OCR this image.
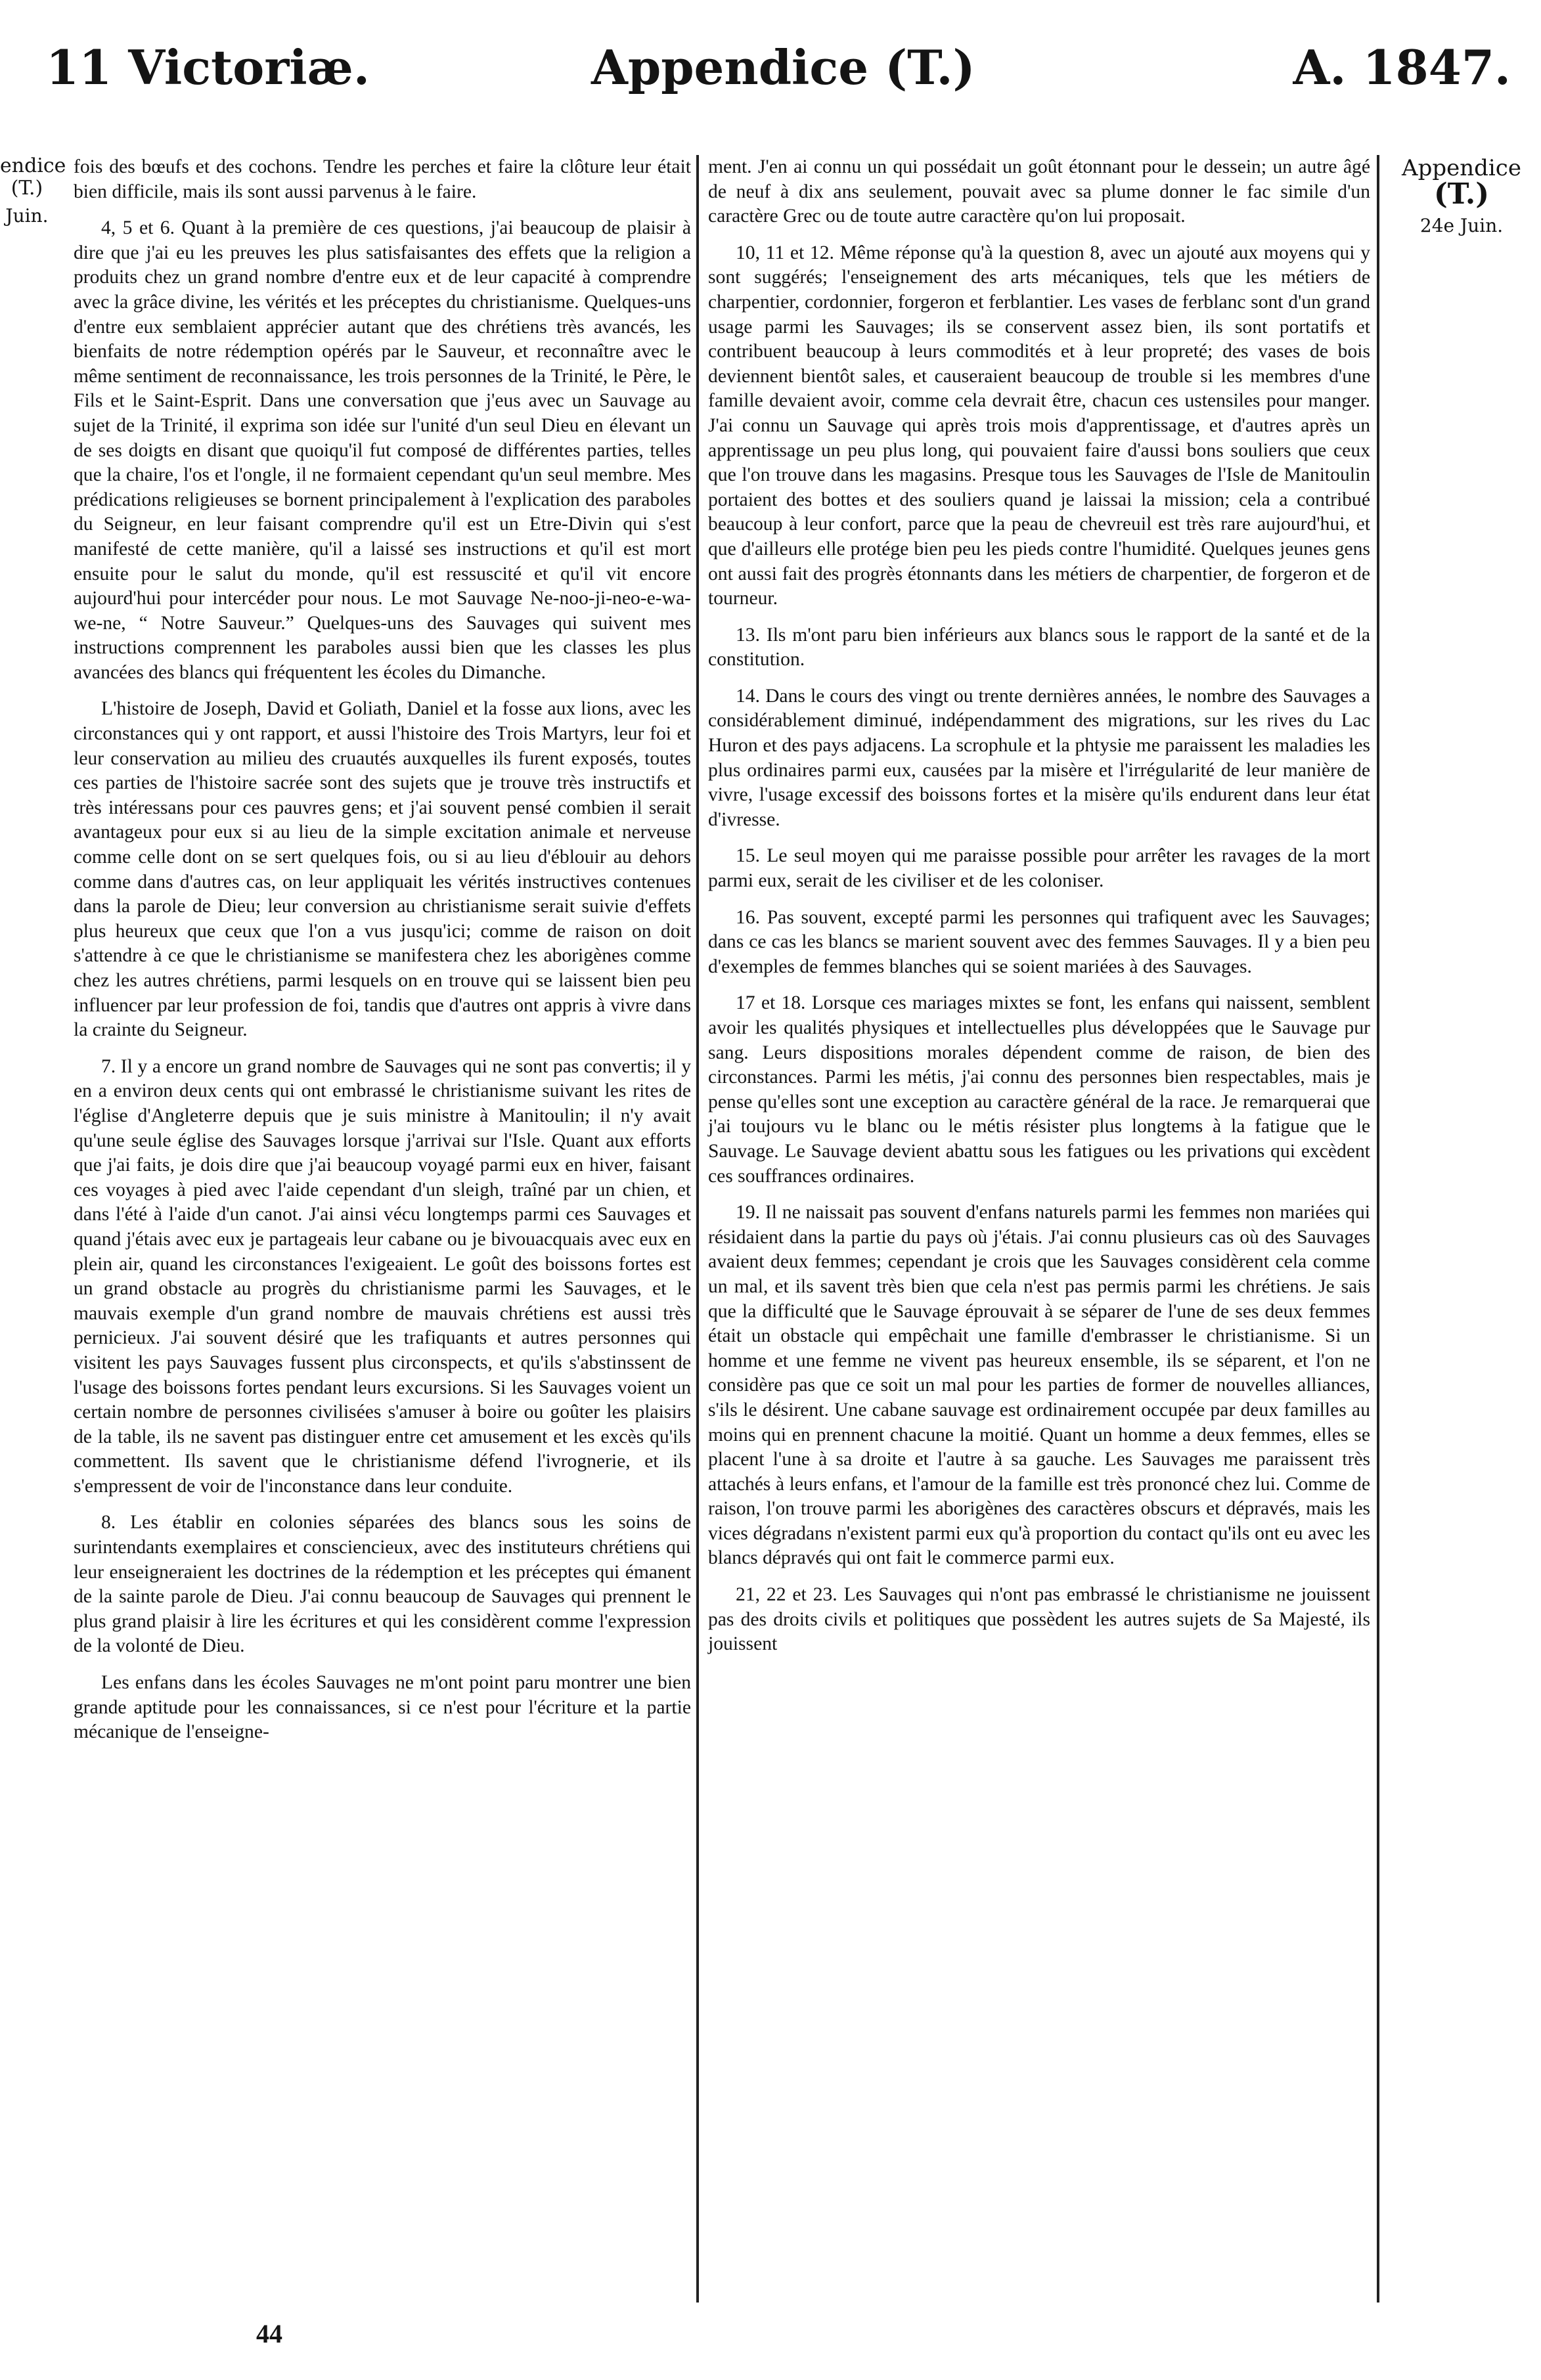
11 Victoriæ.	Appendice (T.)	A. 1847.
endice
(T.)
Juin.
Appendice
(T.)
24e Juin.

fois des bœufs et des cochons. Tendre les perches et faire la clôture leur était bien difficile, mais ils sont aussi parvenus à le faire.

4, 5 et 6. Quant à la première de ces questions, j'ai beaucoup de plaisir à dire que j'ai eu les preuves les plus satisfaisantes des effets que la religion a produits chez un grand nombre d'entre eux et de leur capacité à comprendre avec la grâce divine, les vérités et les préceptes du christianisme. Quelques-uns d'entre eux semblaient apprécier autant que des chrétiens très avancés, les bienfaits de notre rédemption opérés par le Sauveur, et reconnaître avec le même sentiment de reconnaissance, les trois personnes de la Trinité, le Père, le Fils et le Saint-Esprit. Dans une conversation que j'eus avec un Sauvage au sujet de la Trinité, il exprima son idée sur l'unité d'un seul Dieu en élevant un de ses doigts en disant que quoiqu'il fut composé de différentes parties, telles que la chaire, l'os et l'ongle, il ne formaient cependant qu'un seul membre. Mes prédications religieuses se bornent principalement à l'explication des paraboles du Seigneur, en leur faisant comprendre qu'il est un Etre-Divin qui s'est manifesté de cette manière, qu'il a laissé ses instructions et qu'il est mort ensuite pour le salut du monde, qu'il est ressuscité et qu'il vit encore aujourd'hui pour intercéder pour nous. Le mot Sauvage Ne-noo-ji-neo-e-wa-we-ne, “ Notre Sauveur.” Quelques-uns des Sauvages qui suivent mes instructions comprennent les paraboles aussi bien que les classes les plus avancées des blancs qui fréquentent les écoles du Dimanche.

L'histoire de Joseph, David et Goliath, Daniel et la fosse aux lions, avec les circonstances qui y ont rapport, et aussi l'histoire des Trois Martyrs, leur foi et leur conservation au milieu des cruautés auxquelles ils furent exposés, toutes ces parties de l'histoire sacrée sont des sujets que je trouve très instructifs et très intéressans pour ces pauvres gens; et j'ai souvent pensé combien il serait avantageux pour eux si au lieu de la simple excitation animale et nerveuse comme celle dont on se sert quelques fois, ou si au lieu d'éblouir au dehors comme dans d'autres cas, on leur appliquait les vérités instructives contenues dans la parole de Dieu; leur conversion au christianisme serait suivie d'effets plus heureux que ceux que l'on a vus jusqu'ici; comme de raison on doit s'attendre à ce que le christianisme se manifestera chez les aborigènes comme chez les autres chrétiens, parmi lesquels on en trouve qui se laissent bien peu influencer par leur profession de foi, tandis que d'autres ont appris à vivre dans la crainte du Seigneur.

7. Il y a encore un grand nombre de Sauvages qui ne sont pas convertis; il y en a environ deux cents qui ont embrassé le christianisme suivant les rites de l'église d'Angleterre depuis que je suis ministre à Manitoulin; il n'y avait qu'une seule église des Sauvages lorsque j'arrivai sur l'Isle. Quant aux efforts que j'ai faits, je dois dire que j'ai beaucoup voyagé parmi eux en hiver, faisant ces voyages à pied avec l'aide cependant d'un sleigh, traîné par un chien, et dans l'été à l'aide d'un canot. J'ai ainsi vécu longtemps parmi ces Sauvages et quand j'étais avec eux je partageais leur cabane ou je bivouacquais avec eux en plein air, quand les circonstances l'exigeaient. Le goût des boissons fortes est un grand obstacle au progrès du christianisme parmi les Sauvages, et le mauvais exemple d'un grand nombre de mauvais chrétiens est aussi très pernicieux. J'ai souvent désiré que les trafiquants et autres personnes qui visitent les pays Sauvages fussent plus circonspects, et qu'ils s'abstinssent de l'usage des boissons fortes pendant leurs excursions. Si les Sauvages voient un certain nombre de personnes civilisées s'amuser à boire ou goûter les plaisirs de la table, ils ne savent pas distinguer entre cet amusement et les excès qu'ils commettent. Ils savent que le christianisme défend l'ivrognerie, et ils s'empressent de voir de l'inconstance dans leur conduite.

8. Les établir en colonies séparées des blancs sous les soins de surintendants exemplaires et consciencieux, avec des instituteurs chrétiens qui leur enseigneraient les doctrines de la rédemption et les préceptes qui émanent de la sainte parole de Dieu. J'ai connu beaucoup de Sauvages qui prennent le plus grand plaisir à lire les écritures et qui les considèrent comme l'expression de la volonté de Dieu.

Les enfans dans les écoles Sauvages ne m'ont point paru montrer une bien grande aptitude pour les connaissances, si ce n'est pour l'écriture et la partie mécanique de l'enseigne-

ment. J'en ai connu un qui possédait un goût étonnant pour le dessein; un autre âgé de neuf à dix ans seulement, pouvait avec sa plume donner le fac simile d'un caractère Grec ou de toute autre caractère qu'on lui proposait.

10, 11 et 12. Même réponse qu'à la question 8, avec un ajouté aux moyens qui y sont suggérés; l'enseignement des arts mécaniques, tels que les métiers de charpentier, cordonnier, forgeron et ferblantier. Les vases de ferblanc sont d'un grand usage parmi les Sauvages; ils se conservent assez bien, ils sont portatifs et contribuent beaucoup à leurs commodités et à leur propreté; des vases de bois deviennent bientôt sales, et causeraient beaucoup de trouble si les membres d'une famille devaient avoir, comme cela devrait être, chacun ces ustensiles pour manger. J'ai connu un Sauvage qui après trois mois d'apprentissage, et d'autres après un apprentissage un peu plus long, qui pouvaient faire d'aussi bons souliers que ceux que l'on trouve dans les magasins. Presque tous les Sauvages de l'Isle de Manitoulin portaient des bottes et des souliers quand je laissai la mission; cela a contribué beaucoup à leur confort, parce que la peau de chevreuil est très rare aujourd'hui, et que d'ailleurs elle protége bien peu les pieds contre l'humidité. Quelques jeunes gens ont aussi fait des progrès étonnants dans les métiers de charpentier, de forgeron et de tourneur.

13. Ils m'ont paru bien inférieurs aux blancs sous le rapport de la santé et de la constitution.

14. Dans le cours des vingt ou trente dernières années, le nombre des Sauvages a considérablement diminué, indépendamment des migrations, sur les rives du Lac Huron et des pays adjacens. La scrophule et la phtysie me paraissent les maladies les plus ordinaires parmi eux, causées par la misère et l'irrégularité de leur manière de vivre, l'usage excessif des boissons fortes et la misère qu'ils endurent dans leur état d'ivresse.

15. Le seul moyen qui me paraisse possible pour arrêter les ravages de la mort parmi eux, serait de les civiliser et de les coloniser.

16. Pas souvent, excepté parmi les personnes qui trafiquent avec les Sauvages; dans ce cas les blancs se marient souvent avec des femmes Sauvages. Il y a bien peu d'exemples de femmes blanches qui se soient mariées à des Sauvages.

17 et 18. Lorsque ces mariages mixtes se font, les enfans qui naissent, semblent avoir les qualités physiques et intellectuelles plus développées que le Sauvage pur sang. Leurs dispositions morales dépendent comme de raison, de bien des circonstances. Parmi les métis, j'ai connu des personnes bien respectables, mais je pense qu'elles sont une exception au caractère général de la race. Je remarquerai que j'ai toujours vu le blanc ou le métis résister plus longtems à la fatigue que le Sauvage. Le Sauvage devient abattu sous les fatigues ou les privations qui excèdent ces souffrances ordinaires.

19. Il ne naissait pas souvent d'enfans naturels parmi les femmes non mariées qui résidaient dans la partie du pays où j'étais. J'ai connu plusieurs cas où des Sauvages avaient deux femmes; cependant je crois que les Sauvages considèrent cela comme un mal, et ils savent très bien que cela n'est pas permis parmi les chrétiens. Je sais que la difficulté que le Sauvage éprouvait à se séparer de l'une de ses deux femmes était un obstacle qui empêchait une famille d'embrasser le christianisme. Si un homme et une femme ne vivent pas heureux ensemble, ils se séparent, et l'on ne considère pas que ce soit un mal pour les parties de former de nouvelles alliances, s'ils le désirent. Une cabane sauvage est ordinairement occupée par deux familles au moins qui en prennent chacune la moitié. Quant un homme a deux femmes, elles se placent l'une à sa droite et l'autre à sa gauche. Les Sauvages me paraissent très attachés à leurs enfans, et l'amour de la famille est très prononcé chez lui. Comme de raison, l'on trouve parmi les aborigènes des caractères obscurs et dépravés, mais les vices dégradans n'existent parmi eux qu'à proportion du contact qu'ils ont eu avec les blancs dépravés qui ont fait le commerce parmi eux.

21, 22 et 23. Les Sauvages qui n'ont pas embrassé le christianisme ne jouissent pas des droits civils et politiques que possèdent les autres sujets de Sa Majesté, ils jouissent

44
